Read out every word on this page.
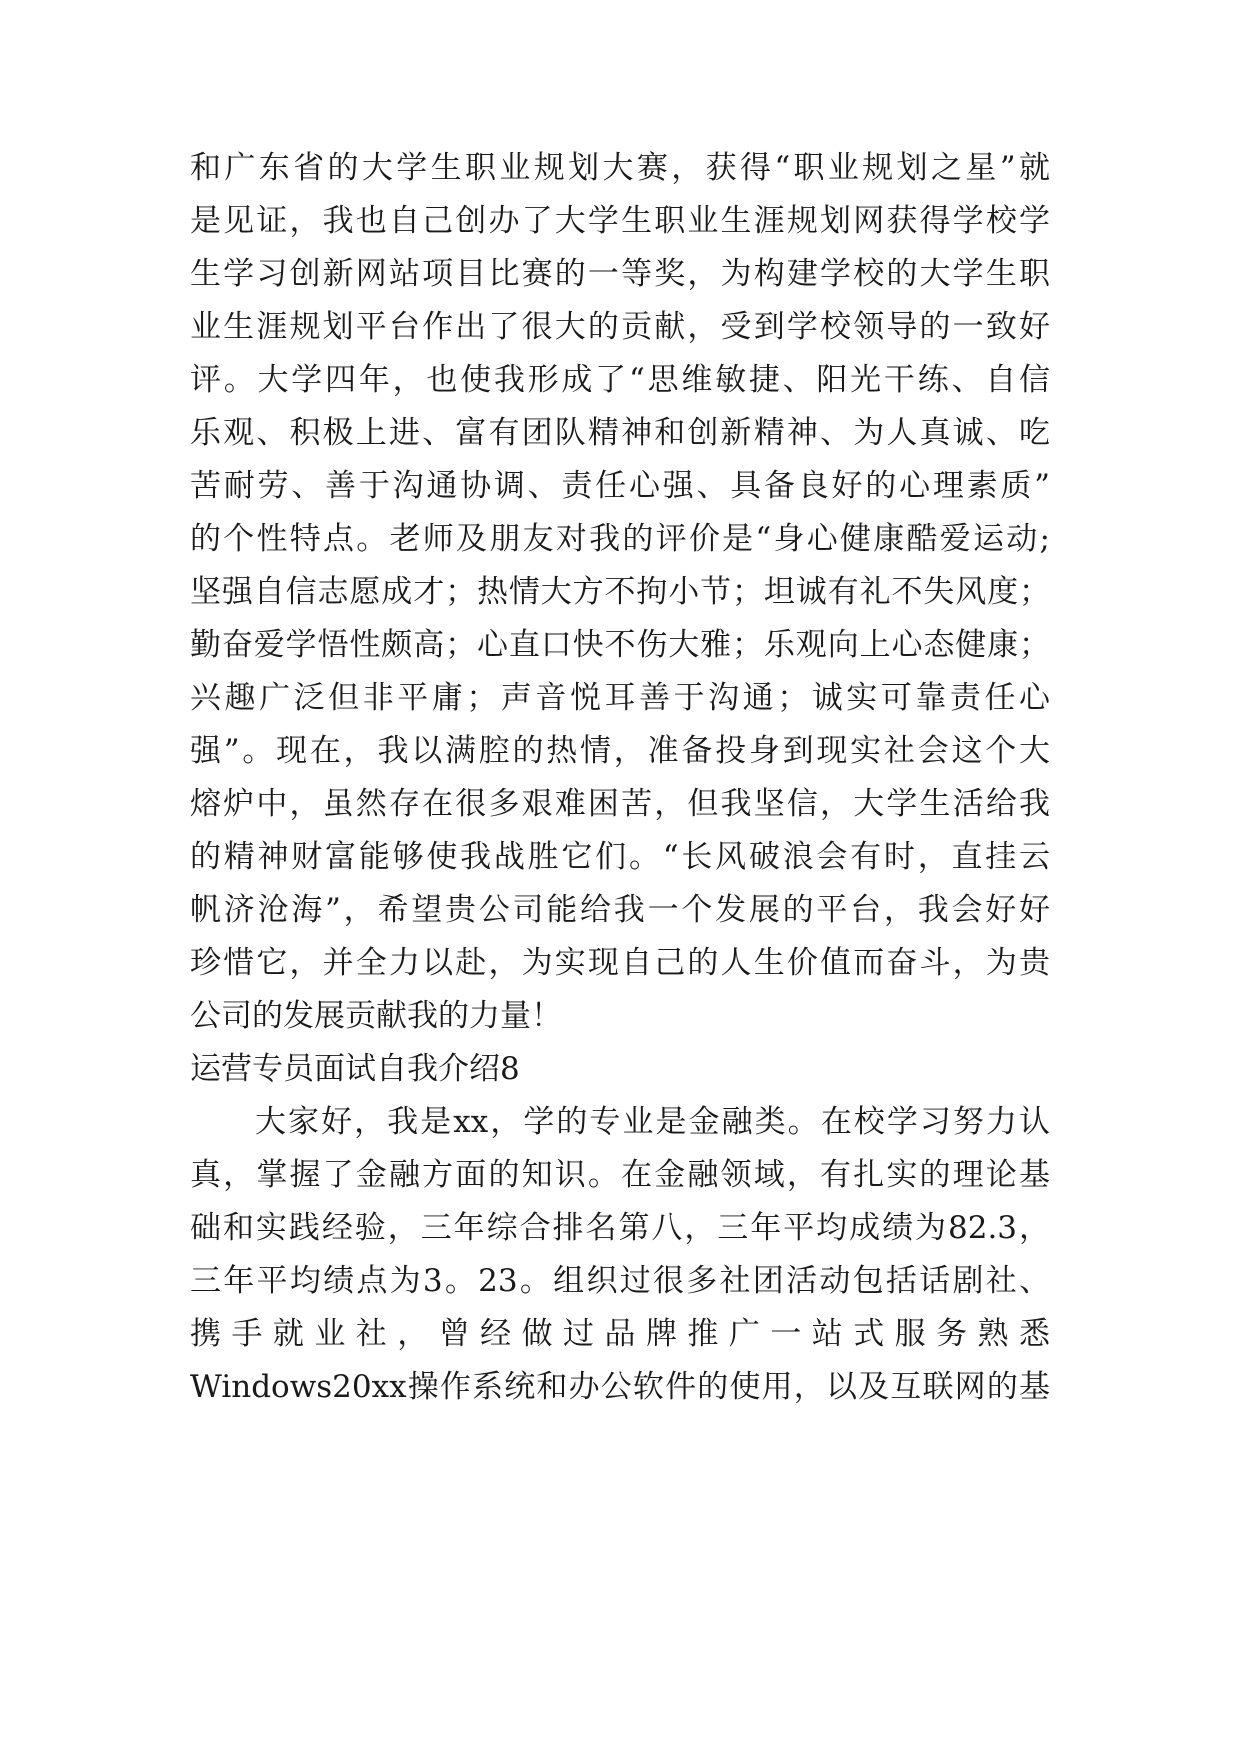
和广东省的大学生职业规划大赛，获得“职业规划之星”就
是见证，我也自己创办了大学生职业生涯规划网获得学校学
生学习创新网站项目比赛的一等奖，为构建学校的大学生职
业生涯规划平台作出了很大的贡献，受到学校领导的一致好
评。大学四年，也使我形成了“思维敏捷、阳光干练、自信
乐观、积极上进、富有团队精神和创新精神、为人真诚、吃
苦耐劳、善于沟通协调、责任心强、具备良好的心理素质”
的个性特点。老师及朋友对我的评价是“身心健康酷爱运动;
坚强自信志愿成才；热情大方不拘小节；坦诚有礼不失风度；
勤奋爱学悟性颇高；心直口快不伤大雅；乐观向上心态健康；
兴趣广泛但非平庸；声音悦耳善于沟通；诚实可靠责任心
强”。现在，我以满腔的热情，准备投身到现实社会这个大
熔炉中，虽然存在很多艰难困苦，但我坚信，大学生活给我
的精神财富能够使我战胜它们。“长风破浪会有时，直挂云
帆济沧海”，希望贵公司能给我一个发展的平台，我会好好
珍惜它，并全力以赴，为实现自己的人生价值而奋斗，为贵
公司的发展贡献我的力量！
运营专员面试自我介绍8
大家好，我是xx，学的专业是金融类。在校学习努力认
真，掌握了金融方面的知识。在金融领域，有扎实的理论基
础和实践经验，三年综合排名第八，三年平均成绩为82.3，
三年平均绩点为3。23。组织过很多社团活动包括话剧社、
携手就业社，曾经做过品牌推广一站式服务熟悉
Windows20xx操作系统和办公软件的使用，以及互联网的基
